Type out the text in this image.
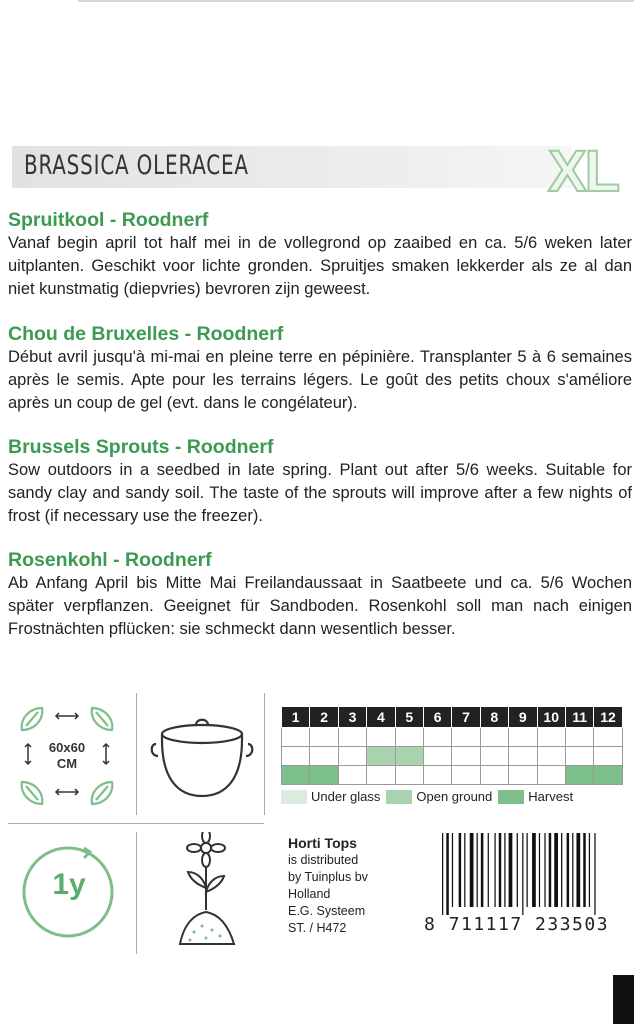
BRASSICA OLERACEA	XL
Spruitkool - Roodnerf

Vanaf begin april tot half mei in de vollegrond op zaaibed en ca. 5/6 weken later uitplanten. Geschikt voor lichte gronden. Spruitjes smaken lekkerder als ze al dan niet kunstmatig (diepvries) bevroren zijn geweest.

Chou de Bruxelles - Roodnerf

Début avril jusqu'à mi-mai en pleine terre en pépinière. Transplanter 5 à 6 semaines après le semis. Apte pour les terrains légers. Le goût des petits choux s'améliore après un coup de gel (evt. dans le congélateur).

Brussels Sprouts - Roodnerf

Sow outdoors in a seedbed in late spring. Plant out after 5/6 weeks. Suitable for sandy clay and sandy soil. The taste of the sprouts will improve after a few nights of frost (if necessary use the freezer).

Rosenkohl - Roodnerf

Ab Anfang April bis Mitte Mai Freilandaussaat in Saatbeete und ca. 5/6 Wochen später verpflanzen. Geeignet für Sandboden. Rosenkohl soll man nach einigen Frostnächten pflücken: sie schmeckt dann wesentlich besser.

60x60
CM
1y
1	2	3	4	5	6	7	8	9	10	11	12

Under glass	Open ground	Harvest
Horti Tops
is distributed
by Tuinplus bv
Holland
E.G. Systeem
ST. / H472	8 711117 233503
